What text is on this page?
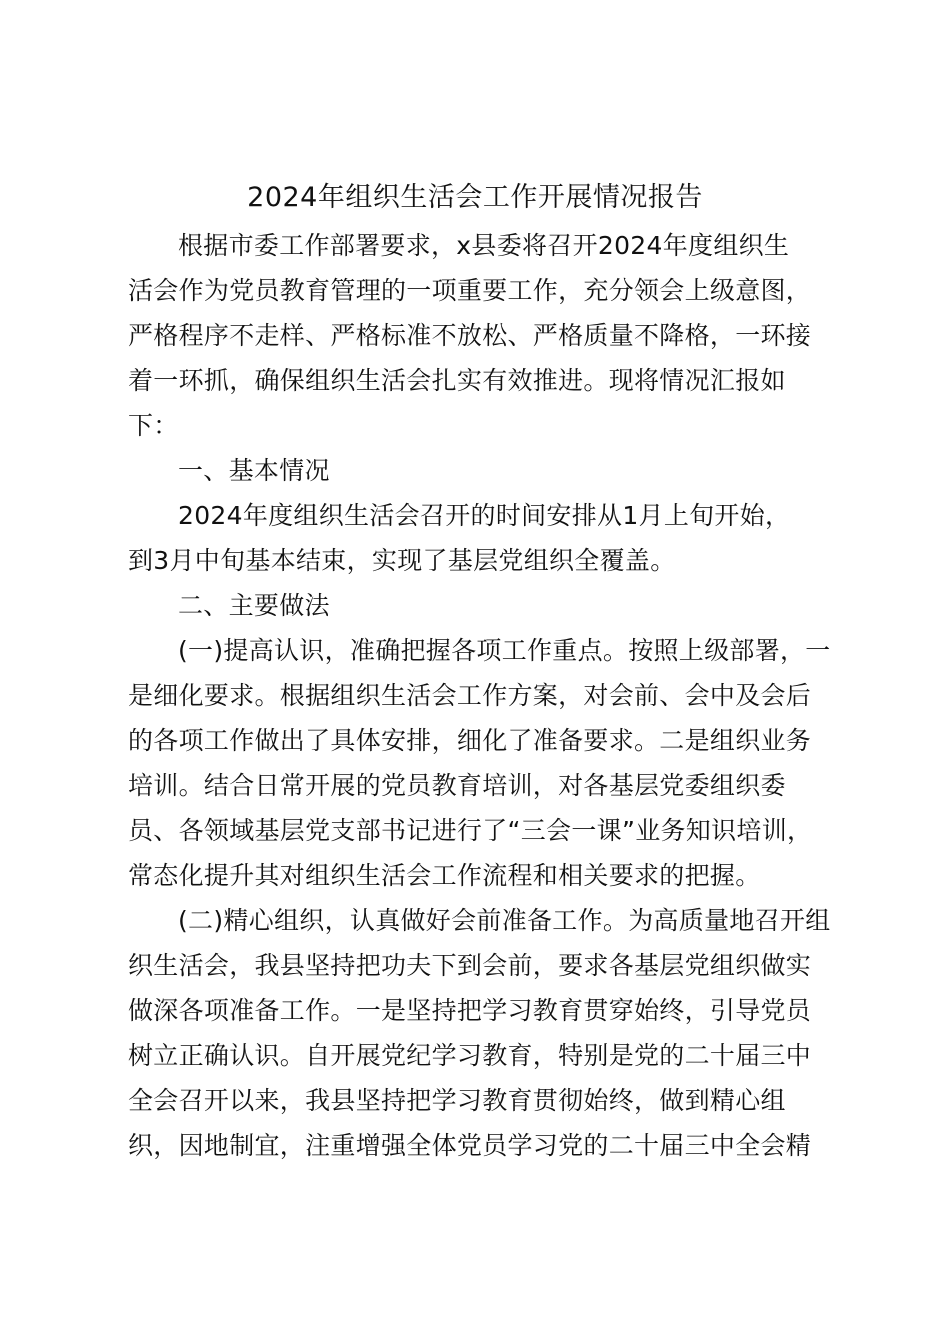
2024年组织生活会工作开展情况报告
根据市委工作部署要求，x县委将召开2024年度组织生
活会作为党员教育管理的一项重要工作，充分领会上级意图，
严格程序不走样、严格标准不放松、严格质量不降格，一环接
着一环抓，确保组织生活会扎实有效推进。现将情况汇报如
下：
一、基本情况
2024年度组织生活会召开的时间安排从1月上旬开始，
到3月中旬基本结束，实现了基层党组织全覆盖。
二、主要做法
(一)提高认识，准确把握各项工作重点。按照上级部署，一
是细化要求。根据组织生活会工作方案，对会前、会中及会后
的各项工作做出了具体安排，细化了准备要求。二是组织业务
培训。结合日常开展的党员教育培训，对各基层党委组织委
员、各领域基层党支部书记进行了“三会一课”业务知识培训，
常态化提升其对组织生活会工作流程和相关要求的把握。
(二)精心组织，认真做好会前准备工作。为高质量地召开组
织生活会，我县坚持把功夫下到会前，要求各基层党组织做实
做深各项准备工作。一是坚持把学习教育贯穿始终，引导党员
树立正确认识。自开展党纪学习教育，特别是党的二十届三中
全会召开以来，我县坚持把学习教育贯彻始终，做到精心组
织，因地制宜，注重增强全体党员学习党的二十届三中全会精
